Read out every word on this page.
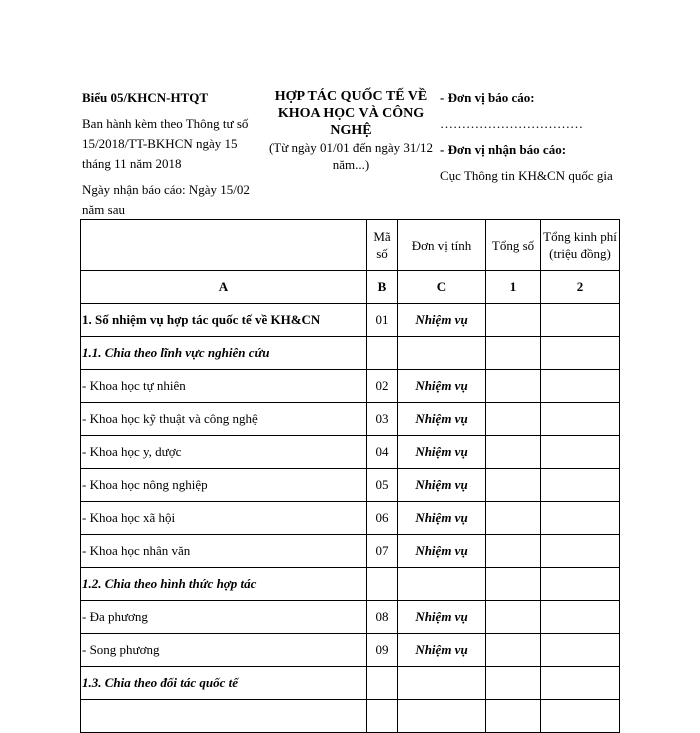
Biểu 05/KHCN-HTQT

Ban hành kèm theo Thông tư số 15/2018/TT-BKHCN ngày 15 tháng 11 năm 2018

Ngày nhận báo cáo: Ngày 15/02 năm sau

HỢP TÁC QUỐC TẾ VỀ KHOA HỌC VÀ CÔNG NGHỆ
(Từ ngày 01/01 đến ngày 31/12 năm...)

- Đơn vị báo cáo:

……………………………

- Đơn vị nhận báo cáo:

Cục Thông tin KH&CN quốc gia

	Mã số	Đơn vị tính	Tổng số	Tổng kinh phí (triệu đồng)
A	B	C	1	2
1. Số nhiệm vụ hợp tác quốc tế về KH&CN	01	Nhiệm vụ		
1.1. Chia theo lĩnh vực nghiên cứu				
- Khoa học tự nhiên	02	Nhiệm vụ		
- Khoa học kỹ thuật và công nghệ	03	Nhiệm vụ		
- Khoa học y, dược	04	Nhiệm vụ		
- Khoa học nông nghiệp	05	Nhiệm vụ		
- Khoa học xã hội	06	Nhiệm vụ		
- Khoa học nhân văn	07	Nhiệm vụ		
1.2. Chia theo hình thức hợp tác				
- Đa phương	08	Nhiệm vụ		
- Song phương	09	Nhiệm vụ		
1.3. Chia theo đối tác quốc tế				
